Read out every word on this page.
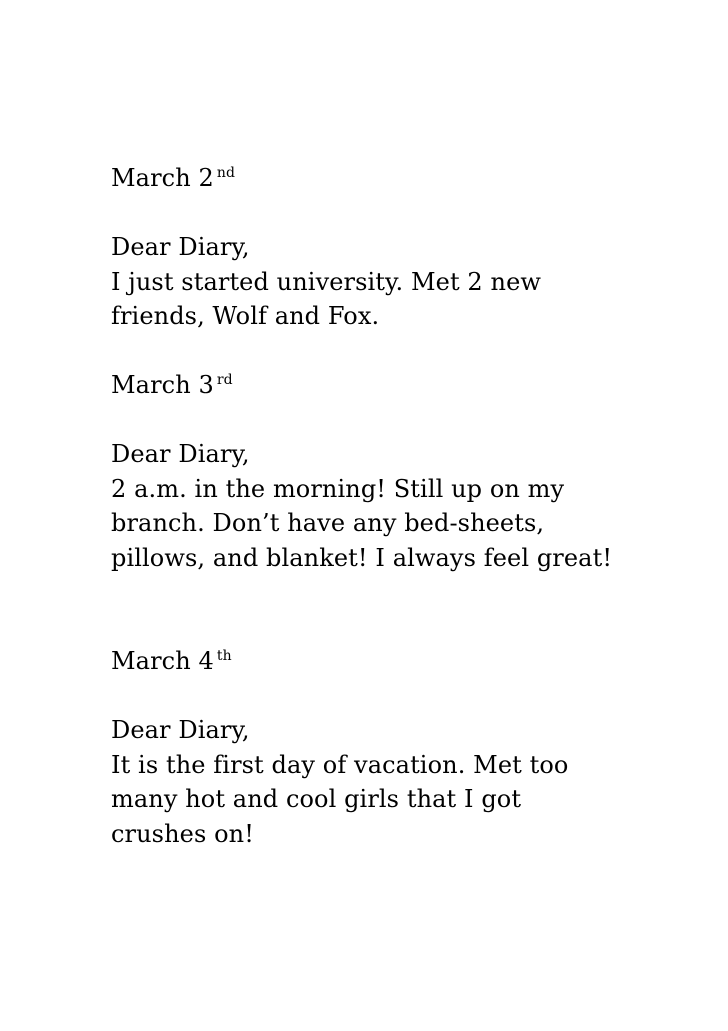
March 2 $^{nd}$

Dear Diary,

I just started university. Met 2 new

friends, Wolf and Fox.

March 3 $^{rd}$

Dear Diary,

2 a.m. in the morning! Still up on my

branch. Don’t have any bed-sheets,

pillows, and blanket! I always feel great!

March 4 $^{th}$

Dear Diary,

It is the first day of vacation. Met too

many hot and cool girls that I got

crushes on!
